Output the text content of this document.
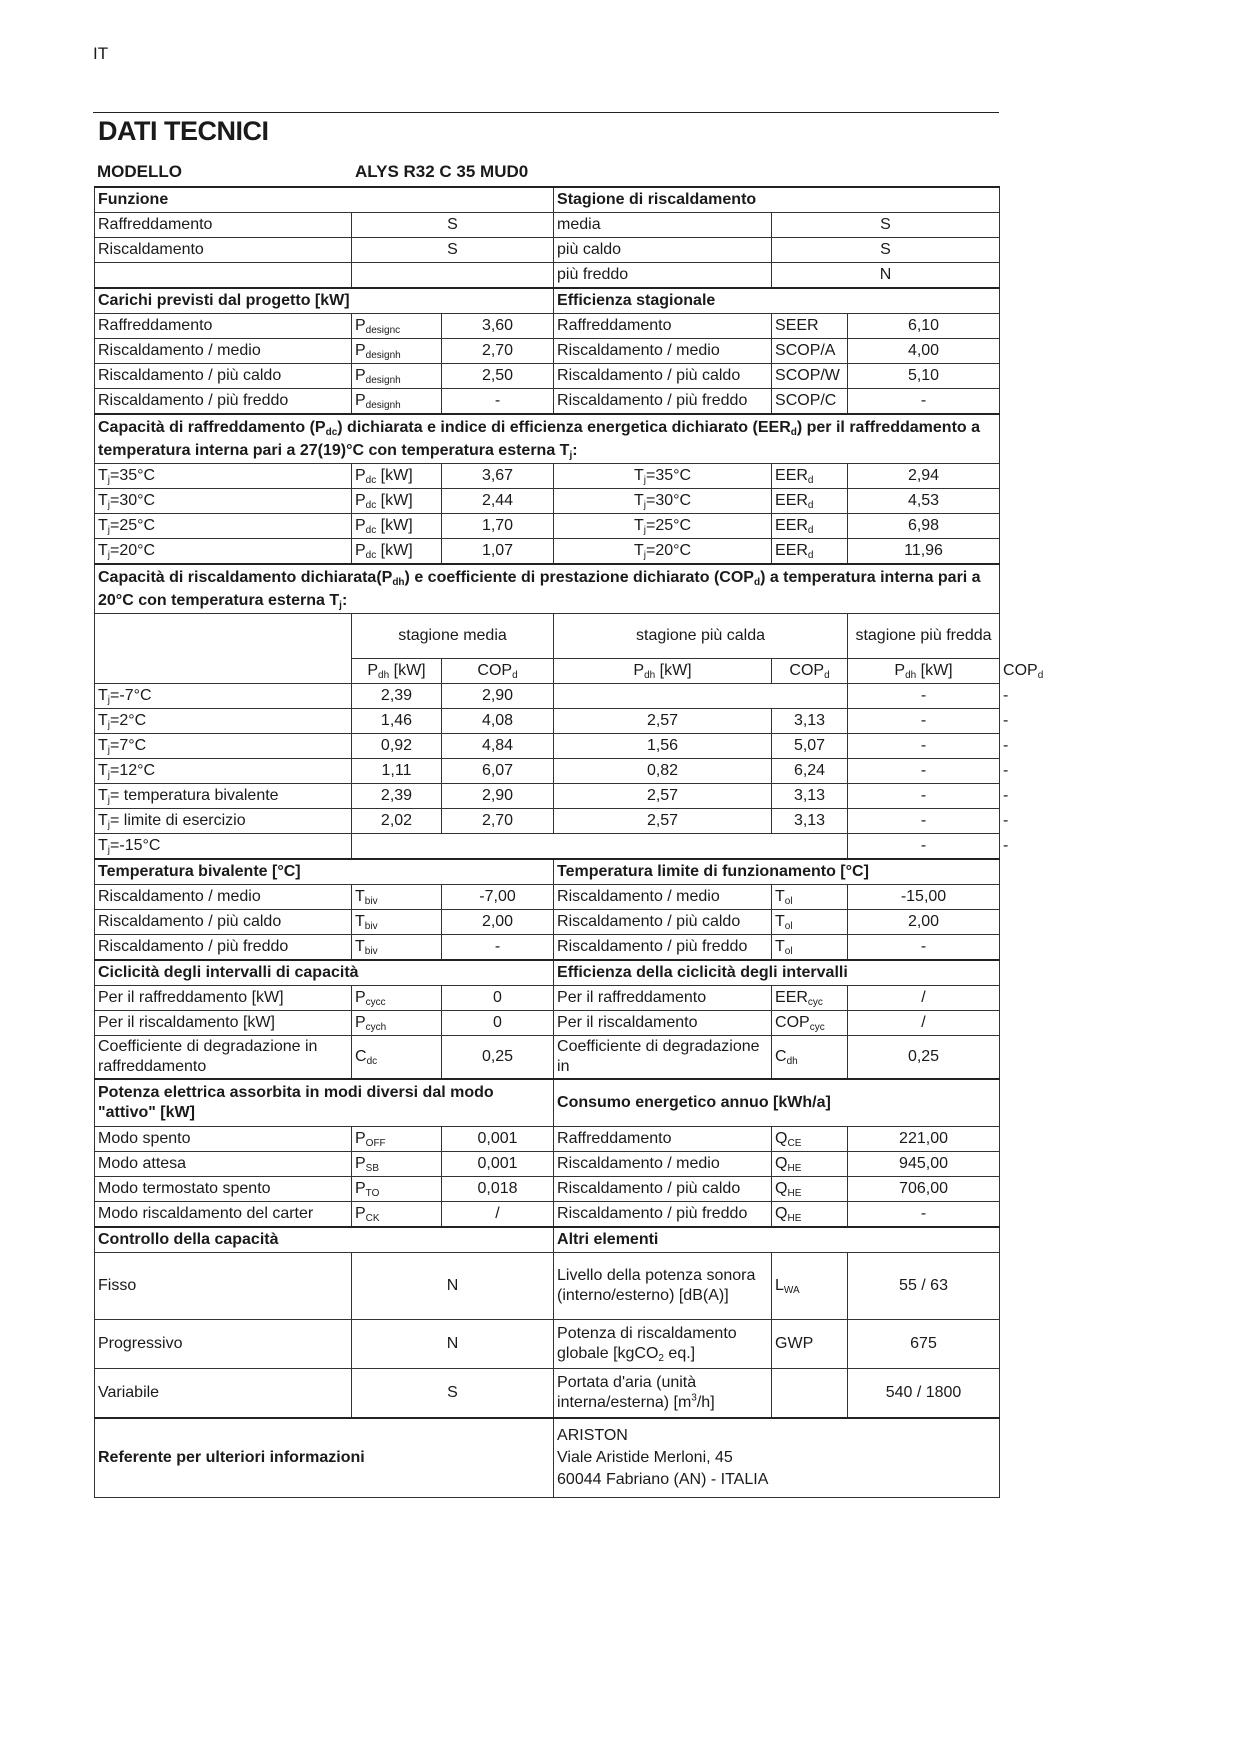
IT
DATI TECNICI
MODELLO	ALYS R32 C 35 MUD0
Funzione			Stagione di riscaldamento			
Raffreddamento	S		media	S		
Riscaldamento	S		più caldo	S		
			più freddo	N		
Carichi previsti dal progetto [kW]			Efficienza stagionale			
Raffreddamento	$P_{designc}$	3,60	Raffreddamento	SEER	6,10	
Riscaldamento / medio	$P_{designh}$	2,70	Riscaldamento / medio	SCOP/A	4,00	
Riscaldamento / più caldo	$P_{designh}$	2,50	Riscaldamento / più caldo	SCOP/W	5,10	
Riscaldamento / più freddo	$P_{designh}$	-	Riscaldamento / più freddo	SCOP/C	-	
Capacità di raffreddamento $(P_{dc})$ dichiarata e indice di efficienza energetica dichiarato $(EER_d)$ per il raffreddamento a temperatura interna pari a 27(19)°C con temperatura esterna $T_j$:						
$T_j=35^\circ C$	$P_{dc}$ [kW]	3,67	$T_j=35^\circ C$	$EER_d$	2,94	
$T_j=30^\circ C$	$P_{dc}$ [kW]	2,44	$T_j=30^\circ C$	$EER_d$	4,53	
$T_j=25^\circ C$	$P_{dc}$ [kW]	1,70	$T_j=25^\circ C$	$EER_d$	6,98	
$T_j=20^\circ C$	$P_{dc}$ [kW]	1,07	$T_j=20^\circ C$	$EER_d$	11,96	
Capacità di riscaldamento $dichiarata(P_{dh})$ e coefficiente di prestazione dichiarato $(COP_d)$ a temperatura interna pari a 20°C con temperatura esterna $T_j$:						
	stagione media		stagione più calda		stagione più fredda	
	$P_{dh}$ [kW]	$COP_d$	$P_{dh}$ [kW]	$COP_d$	$P_{dh}$ [kW]	$COP_d$
$T_j=-7^\circ C$	2,39	2,90			-	-
$T_j=2^\circ C$	1,46	4,08	2,57	3,13	-	-
$T_j=7^\circ C$	0,92	4,84	1,56	5,07	-	-
$T_j=12^\circ C$	1,11	6,07	0,82	6,24	-	-
$T_j=$ temperatura bivalente	2,39	2,90	2,57	3,13	-	-
$T_j=$ limite di esercizio	2,02	2,70	2,57	3,13	-	-
$T_j=-15^\circ C$					-	-
Temperatura bivalente [°C]			Temperatura limite di funzionamento [°C]			
Riscaldamento / medio	$T_{biv}$	-7,00	Riscaldamento / medio	$T_{ol}$	-15,00	
Riscaldamento / più caldo	$T_{biv}$	2,00	Riscaldamento / più caldo	$T_{ol}$	2,00	
Riscaldamento / più freddo	$T_{biv}$	-	Riscaldamento / più freddo	$T_{ol}$	-	
Ciclicità degli intervalli di capacità			Efficienza della ciclicità degli intervalli			
Per il raffreddamento [kW]	$P_{cycc}$	0	Per il raffreddamento	$EER_{cyc}$	/	
Per il riscaldamento [kW]	$P_{cych}$	0	Per il riscaldamento	$COP_{cyc}$	/	
Coefficiente di degradazione in raffreddamento	$C_{dc}$	0,25	Coefficiente di degradazione in	$C_{dh}$	0,25	
Potenza elettrica assorbita in modi diversi dal modo "attivo" [kW]			Consumo energetico annuo [kWh/a]			
Modo spento	$P_{OFF}$	0,001	Raffreddamento	$Q_{CE}$	221,00	
Modo attesa	$P_{SB}$	0,001	Riscaldamento / medio	$Q_{HE}$	945,00	
Modo termostato spento	$P_{TO}$	0,018	Riscaldamento / più caldo	$Q_{HE}$	706,00	
Modo riscaldamento del carter	$P_{CK}$	/	Riscaldamento / più freddo	$Q_{HE}$	-	
Controllo della capacità			Altri elementi			
Fisso	N		Livello della potenza sonora (interno/esterno) [dB(A)]	$L_{WA}$	55 / 63	
Progressivo	N		Potenza di riscaldamento globale [kgCO$_2$ eq.]	GWP	675	
Variabile	S		Portata d'aria (unità interna/esterna) $[m^3/h]$		540 / 1800	
Referente per ulteriori informazioni			ARISTON
Viale Aristide Merloni, 45
60044 Fabriano (AN) - ITALIA			
